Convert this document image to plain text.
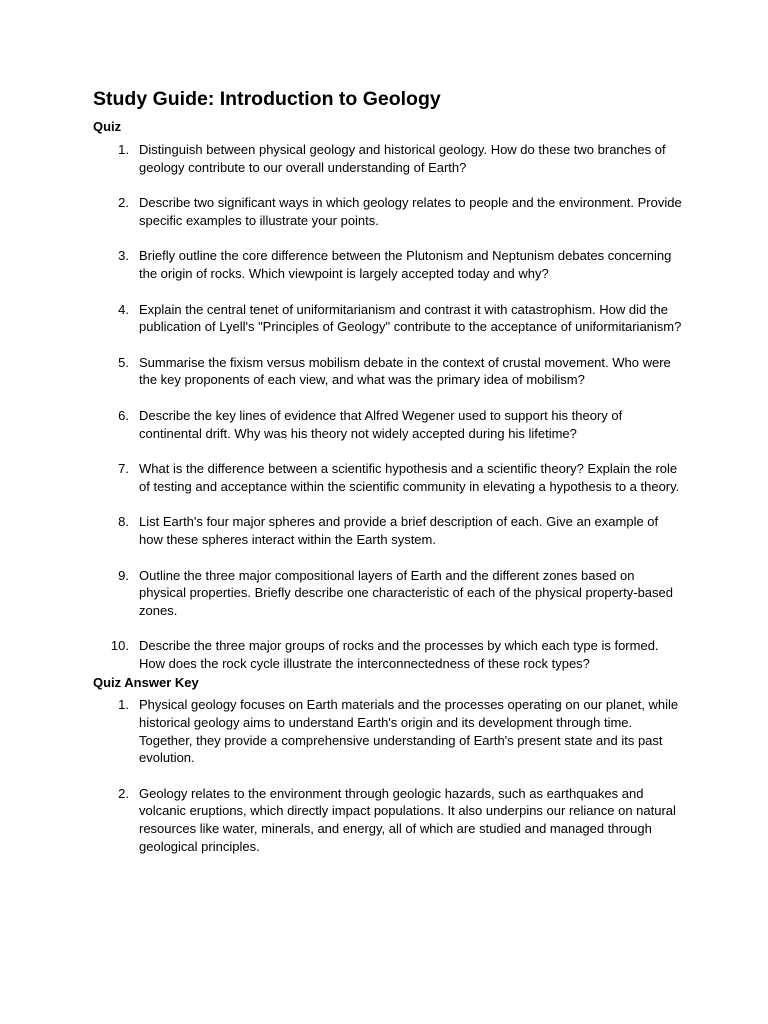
Study Guide: Introduction to Geology
Quiz
1. Distinguish between physical geology and historical geology. How do these two branches of geology contribute to our overall understanding of Earth?
2. Describe two significant ways in which geology relates to people and the environment. Provide specific examples to illustrate your points.
3. Briefly outline the core difference between the Plutonism and Neptunism debates concerning the origin of rocks. Which viewpoint is largely accepted today and why?
4. Explain the central tenet of uniformitarianism and contrast it with catastrophism. How did the publication of Lyell's "Principles of Geology" contribute to the acceptance of uniformitarianism?
5. Summarise the fixism versus mobilism debate in the context of crustal movement. Who were the key proponents of each view, and what was the primary idea of mobilism?
6. Describe the key lines of evidence that Alfred Wegener used to support his theory of continental drift. Why was his theory not widely accepted during his lifetime?
7. What is the difference between a scientific hypothesis and a scientific theory? Explain the role of testing and acceptance within the scientific community in elevating a hypothesis to a theory.
8. List Earth's four major spheres and provide a brief description of each. Give an example of how these spheres interact within the Earth system.
9. Outline the three major compositional layers of Earth and the different zones based on physical properties. Briefly describe one characteristic of each of the physical property-based zones.
10. Describe the three major groups of rocks and the processes by which each type is formed. How does the rock cycle illustrate the interconnectedness of these rock types?
Quiz Answer Key
1. Physical geology focuses on Earth materials and the processes operating on our planet, while historical geology aims to understand Earth's origin and its development through time. Together, they provide a comprehensive understanding of Earth's present state and its past evolution.
2. Geology relates to the environment through geologic hazards, such as earthquakes and volcanic eruptions, which directly impact populations. It also underpins our reliance on natural resources like water, minerals, and energy, all of which are studied and managed through geological principles.
